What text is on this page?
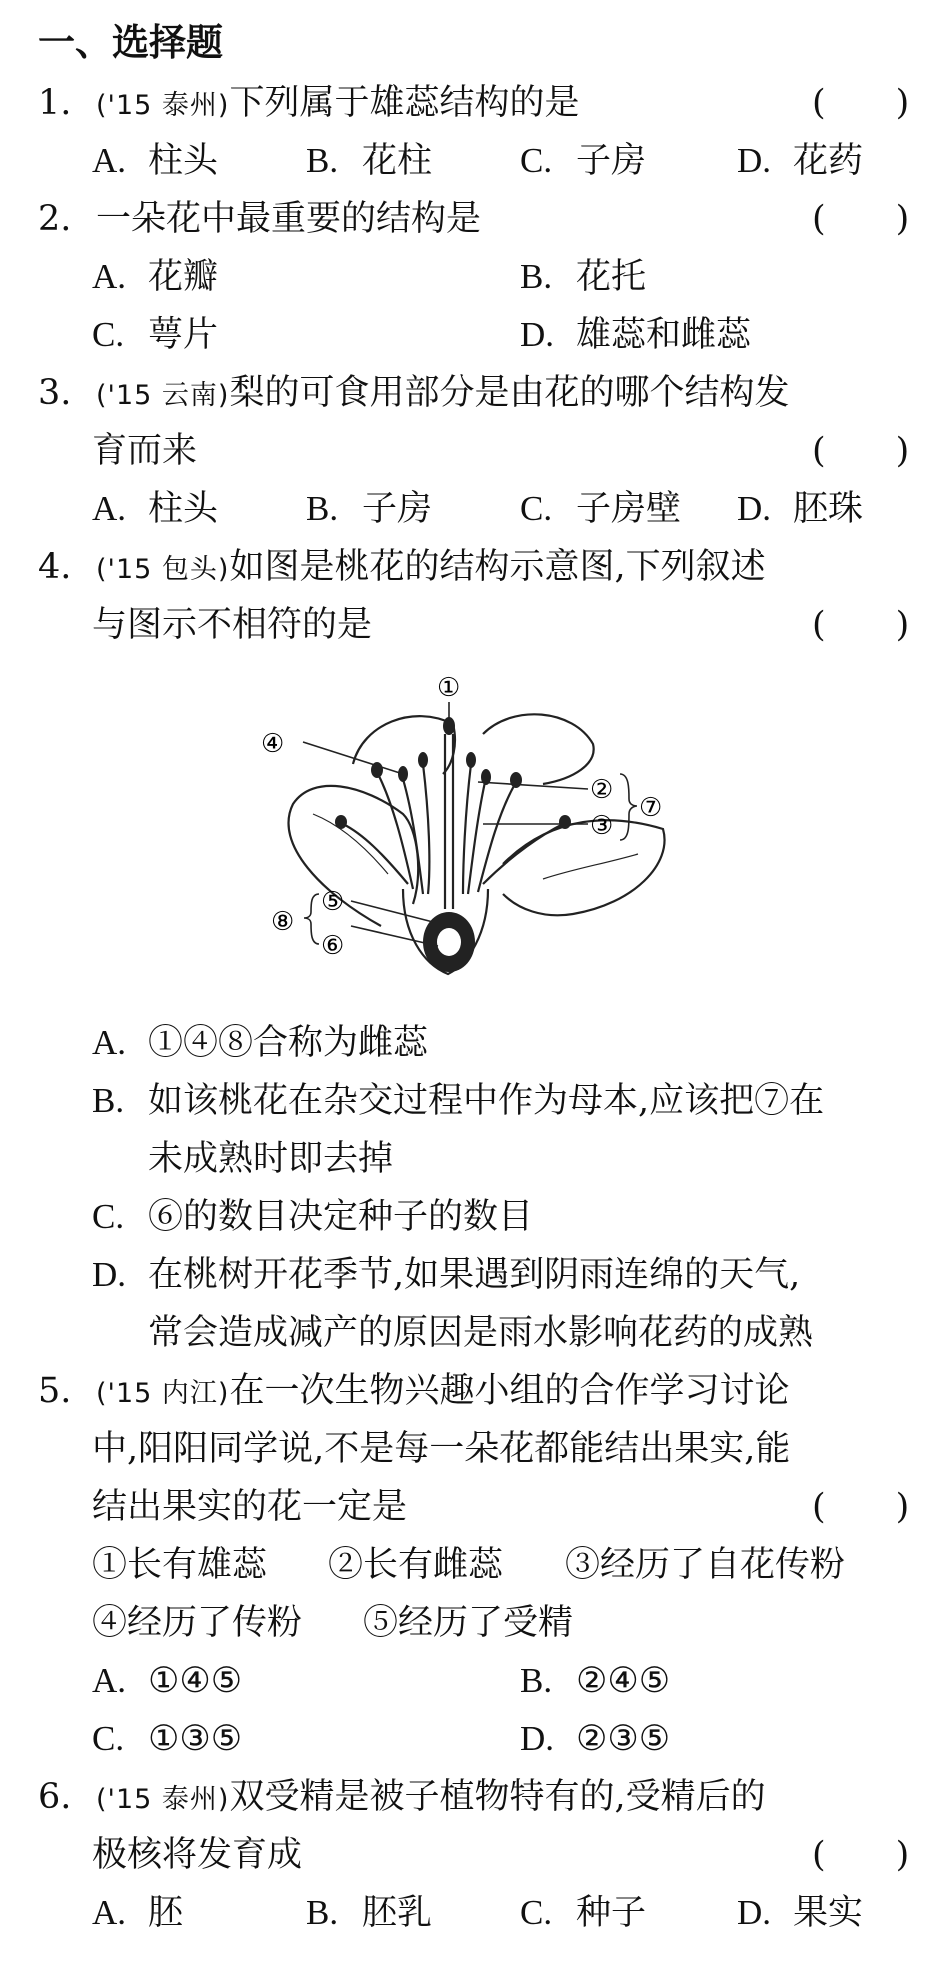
一、选择题
1. ('15 泰州)下列属于雄蕊结构的是	(　　)
A. 柱头	B. 花柱	C. 子房	D. 花药
2. 一朵花中最重要的结构是	(　　)
A. 花瓣	B. 花托
C. 萼片	D. 雄蕊和雌蕊
3. ('15 云南)梨的可食用部分是由花的哪个结构发
育而来	(　　)
A. 柱头	B. 子房	C. 子房壁 D. 胚珠
4. ('15 包头)如图是桃花的结构示意图,下列叙述
与图示不相符的是	(　　)
①
④
②
③
⑦
⑤
⑥
⑧
A. ①④⑧合称为雌蕊
B. 如该桃花在杂交过程中作为母本,应该把⑦在
未成熟时即去掉
C. ⑥的数目决定种子的数目
D. 在桃树开花季节,如果遇到阴雨连绵的天气,
常会造成减产的原因是雨水影响花药的成熟
5. ('15 内江)在一次生物兴趣小组的合作学习讨论
中,阳阳同学说,不是每一朵花都能结出果实,能
结出果实的花一定是	(　　)
①长有雄蕊 ②长有雌蕊 ③经历了自花传粉
④经历了传粉 ⑤经历了受精
A. ①④⑤	B. ②④⑤
C. ①③⑤	D. ②③⑤
6. ('15 泰州)双受精是被子植物特有的,受精后的
极核将发育成	(　　)
A. 胚	B. 胚乳	C. 种子	D. 果实
